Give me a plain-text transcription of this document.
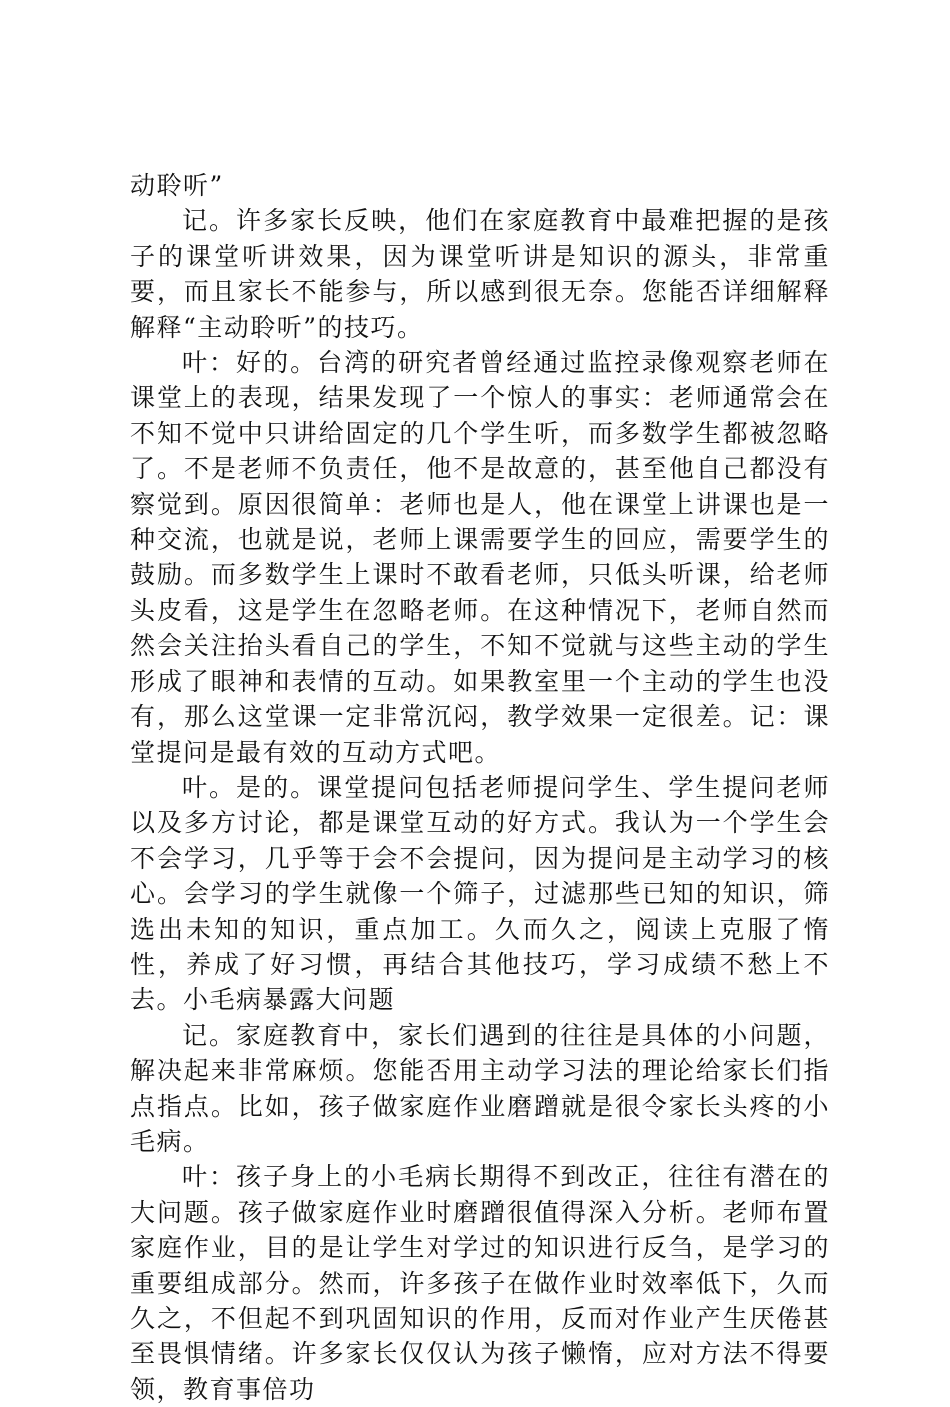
动聆听”

记。许多家长反映，他们在家庭教育中最难把握的是孩子的课堂听讲效果，因为课堂听讲是知识的源头，非常重要，而且家长不能参与，所以感到很无奈。您能否详细解释解释“主动聆听”的技巧。

叶：好的。台湾的研究者曾经通过监控录像观察老师在课堂上的表现，结果发现了一个惊人的事实：老师通常会在不知不觉中只讲给固定的几个学生听，而多数学生都被忽略了。不是老师不负责任，他不是故意的，甚至他自己都没有察觉到。原因很简单：老师也是人，他在课堂上讲课也是一种交流，也就是说，老师上课需要学生的回应，需要学生的鼓励。而多数学生上课时不敢看老师，只低头听课，给老师头皮看，这是学生在忽略老师。在这种情况下，老师自然而然会关注抬头看自己的学生，不知不觉就与这些主动的学生形成了眼神和表情的互动。如果教室里一个主动的学生也没有，那么这堂课一定非常沉闷，教学效果一定很差。记：课堂提问是最有效的互动方式吧。

叶。是的。课堂提问包括老师提问学生、学生提问老师以及多方讨论，都是课堂互动的好方式。我认为一个学生会不会学习，几乎等于会不会提问，因为提问是主动学习的核心。会学习的学生就像一个筛子，过滤那些已知的知识，筛选出未知的知识，重点加工。久而久之，阅读上克服了惰性，养成了好习惯，再结合其他技巧，学习成绩不愁上不去。小毛病暴露大问题

记。家庭教育中，家长们遇到的往往是具体的小问题，解决起来非常麻烦。您能否用主动学习法的理论给家长们指点指点。比如，孩子做家庭作业磨蹭就是很令家长头疼的小毛病。

叶：孩子身上的小毛病长期得不到改正，往往有潜在的大问题。孩子做家庭作业时磨蹭很值得深入分析。老师布置家庭作业，目的是让学生对学过的知识进行反刍，是学习的重要组成部分。然而，许多孩子在做作业时效率低下，久而久之，不但起不到巩固知识的作用，反而对作业产生厌倦甚至畏惧情绪。许多家长仅仅认为孩子懒惰，应对方法不得要领，教育事倍功
